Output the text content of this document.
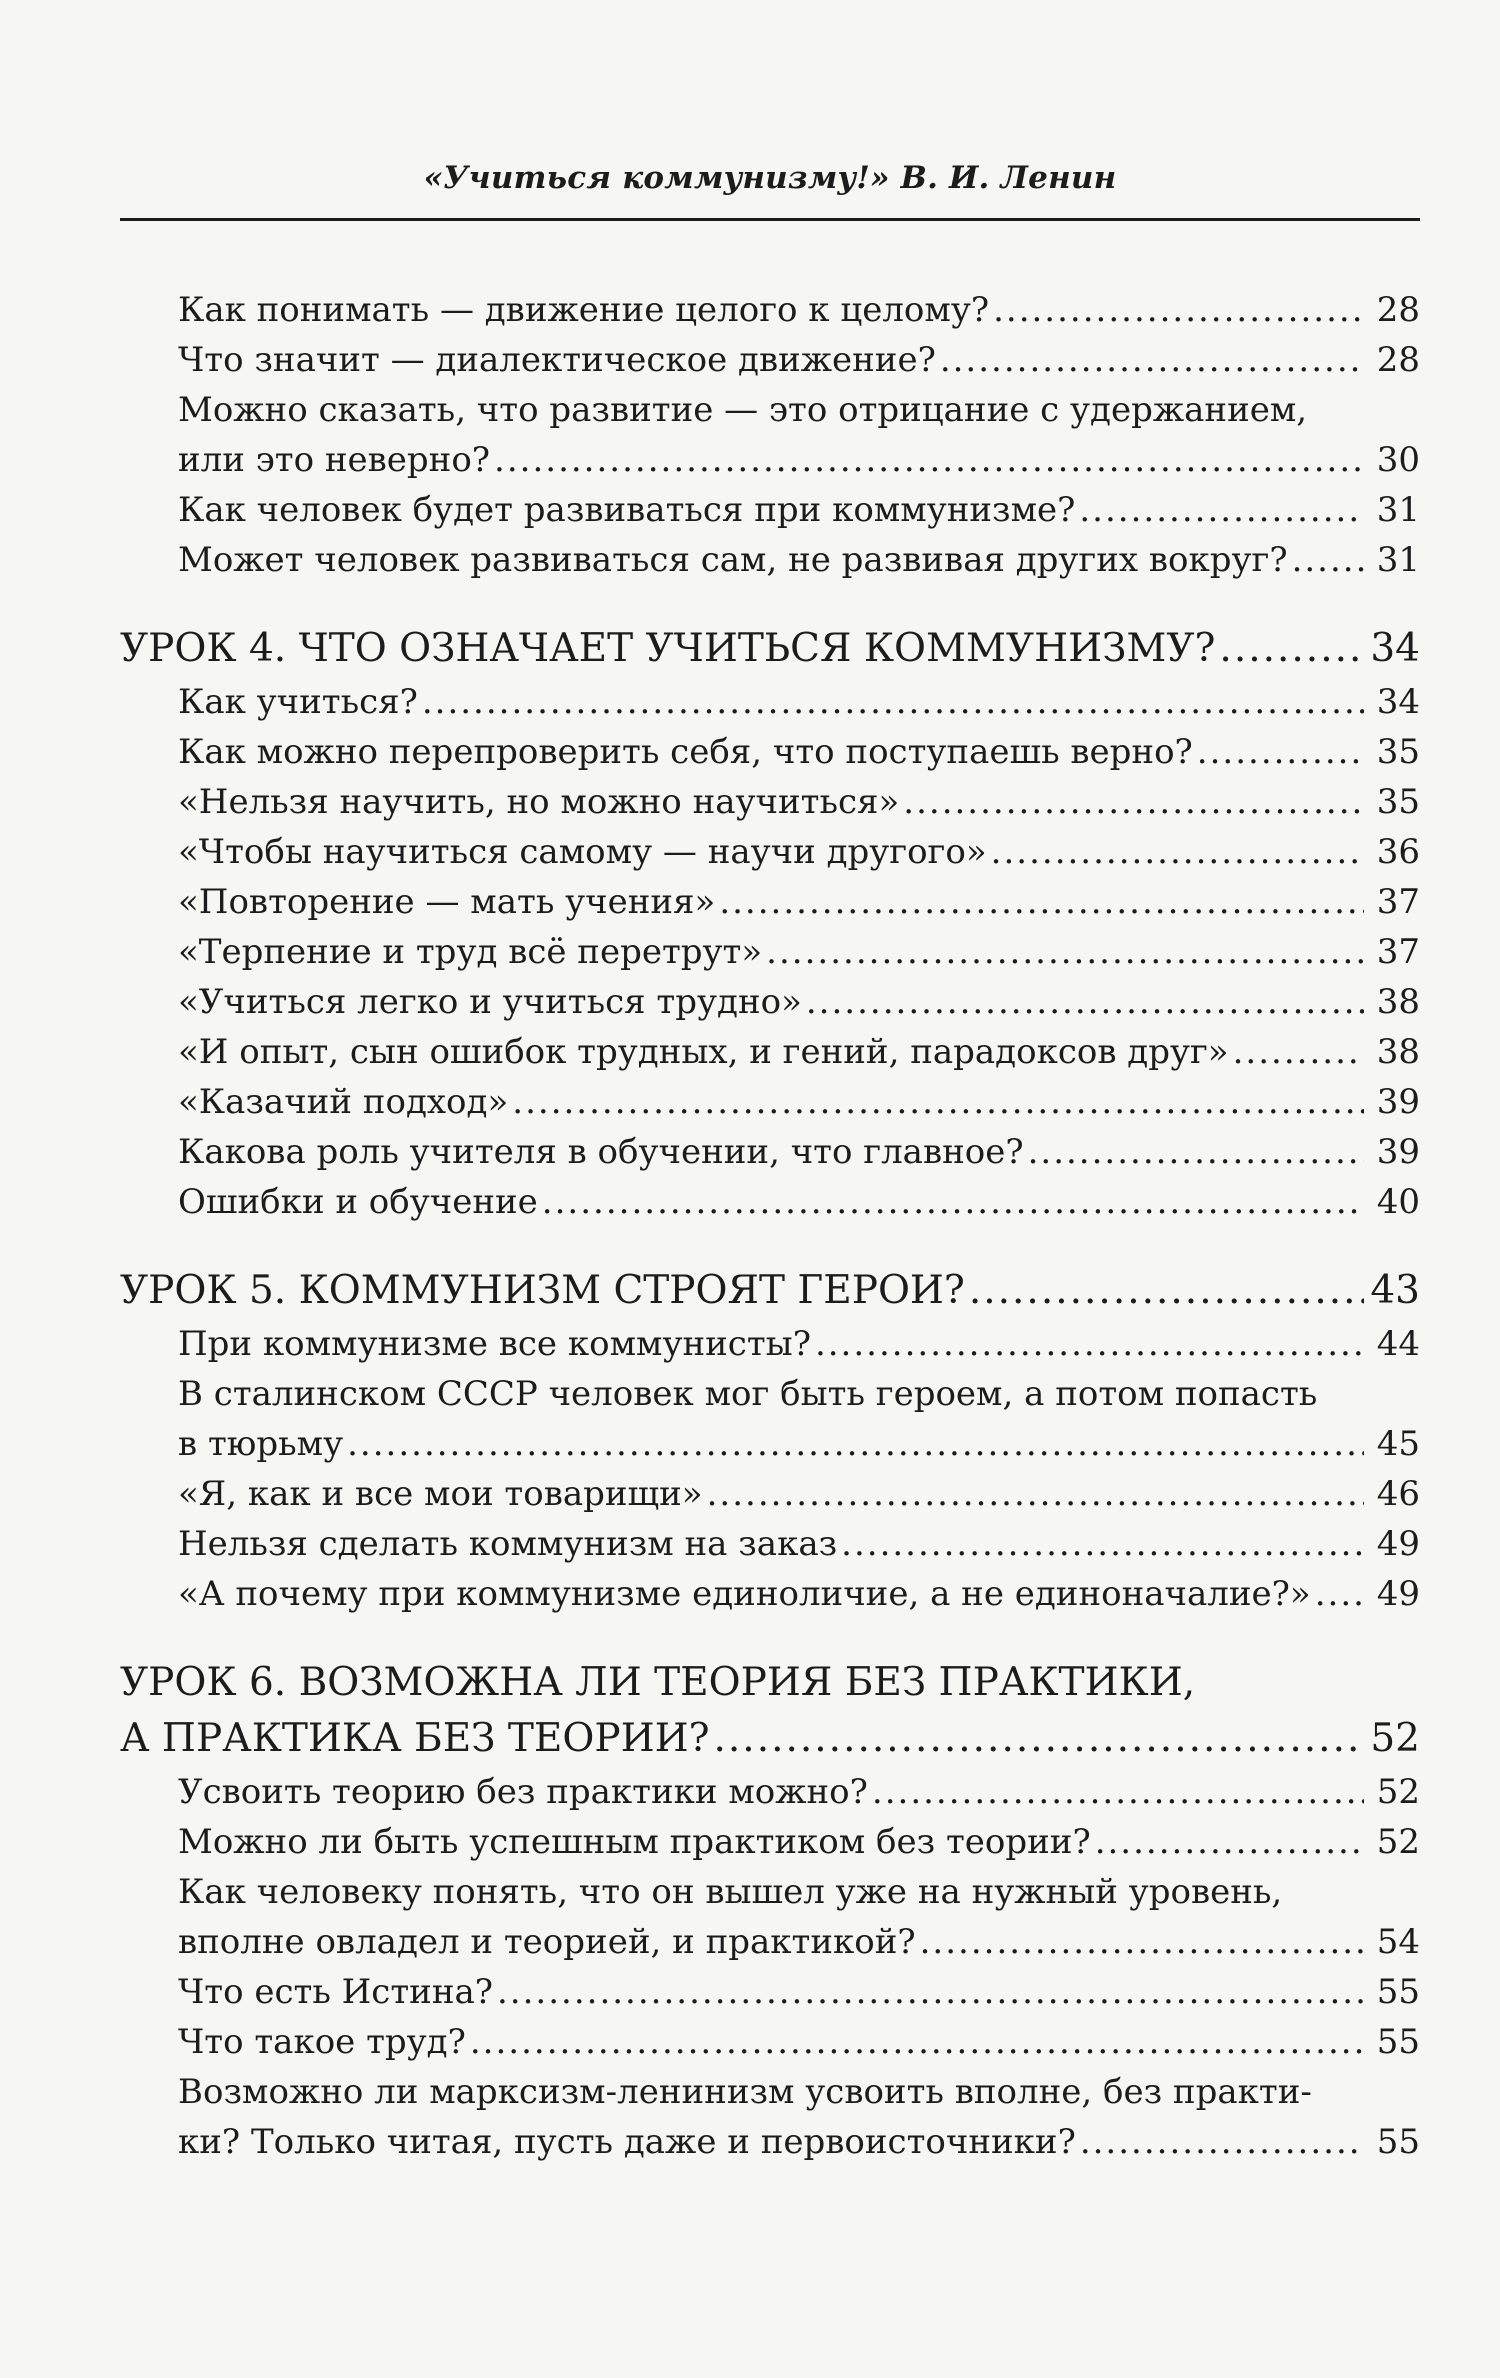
«Учиться коммунизму!» В. И. Ленин
Как понимать — движение целого к целому? .....	28
Что значит — диалектическое движение? .....	28
Можно сказать, что развитие — это отрицание с удержанием,
или это неверно? .....	30
Как человек будет развиваться при коммунизме? .....	31
Может человек развиваться сам, не развивая других вокруг? .....	31
УРОК 4. ЧТО ОЗНАЧАЕТ УЧИТЬСЯ КОММУНИЗМУ? .....	34
Как учиться? .....	34
Как можно перепроверить себя, что поступаешь верно? .....	35
«Нельзя научить, но можно научиться» .....	35
«Чтобы научиться самому — научи другого» .....	36
«Повторение — мать учения» .....	37
«Терпение и труд всё перетрут» .....	37
«Учиться легко и учиться трудно» .....	38
«И опыт, сын ошибок трудных, и гений, парадоксов друг» .....	38
«Казачий подход» .....	39
Какова роль учителя в обучении, что главное? .....	39
Ошибки и обучение .....	40
УРОК 5. КОММУНИЗМ СТРОЯТ ГЕРОИ? .....	43
При коммунизме все коммунисты? .....	44
В сталинском СССР человек мог быть героем, а потом попасть
в тюрьму .....	45
«Я, как и все мои товарищи» .....	46
Нельзя сделать коммунизм на заказ .....	49
«А почему при коммунизме единоличие, а не единоначалие?» ..... 49
УРОК 6. ВОЗМОЖНА ЛИ ТЕОРИЯ БЕЗ ПРАКТИКИ,
А ПРАКТИКА БЕЗ ТЕОРИИ? .....	52
Усвоить теорию без практики можно? .....	52
Можно ли быть успешным практиком без теории? .....	52
Как человеку понять, что он вышел уже на нужный уровень,
вполне овладел и теорией, и практикой? .....	54
Что есть Истина? .....	55
Что такое труд? .....	55
Возможно ли марксизм-ленинизм усвоить вполне, без практи-
ки? Только читая, пусть даже и первоисточники? .....	55
